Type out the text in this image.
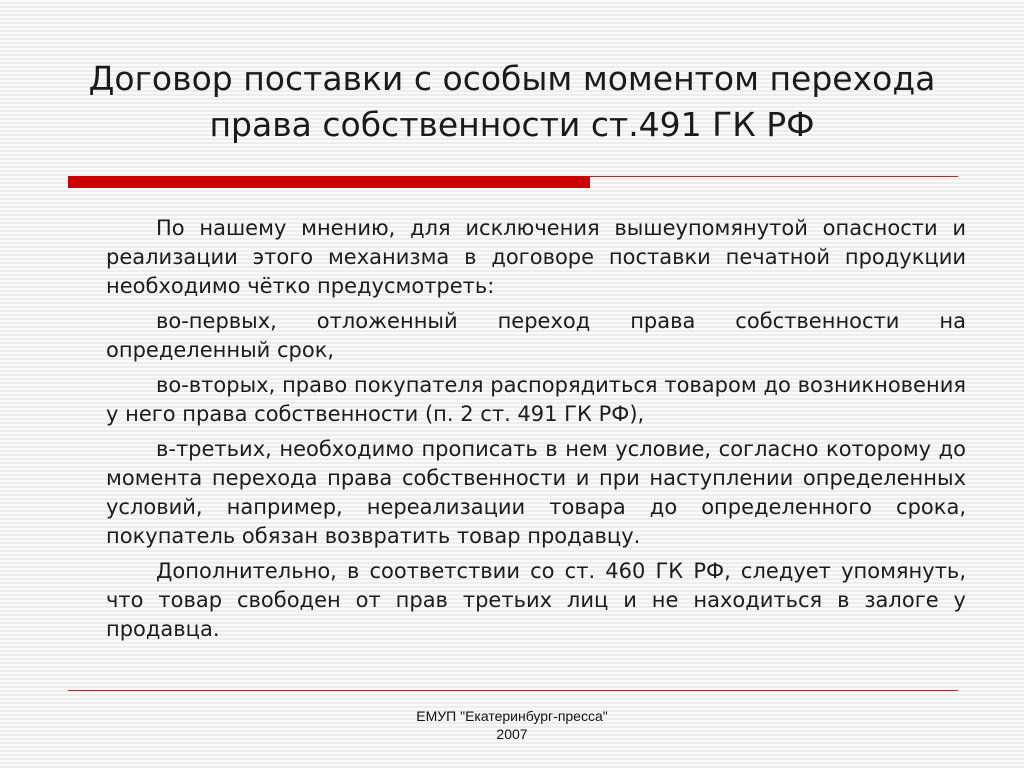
Договор поставки с особым моментом перехода
права собственности ст.491 ГК РФ

По нашему мнению, для исключения вышеупомянутой опасности и реализации этого механизма в договоре поставки печатной продукции необходимо чётко предусмотреть:

во-первых, отложенный переход права собственности на определенный срок,

во-вторых, право покупателя распорядиться товаром до возникновения у него права собственности (п. 2 ст. 491 ГК РФ),

в-третьих, необходимо прописать в нем условие, согласно которому до момента перехода права собственности и при наступлении определенных условий, например, нереализации товара до определенного срока, покупатель обязан возвратить товар продавцу.

Дополнительно, в соответствии со ст. 460 ГК РФ, следует упомянуть, что товар свободен от прав третьих лиц и не находиться в залоге у продавца.

ЕМУП "Екатеринбург-пресса"
2007
